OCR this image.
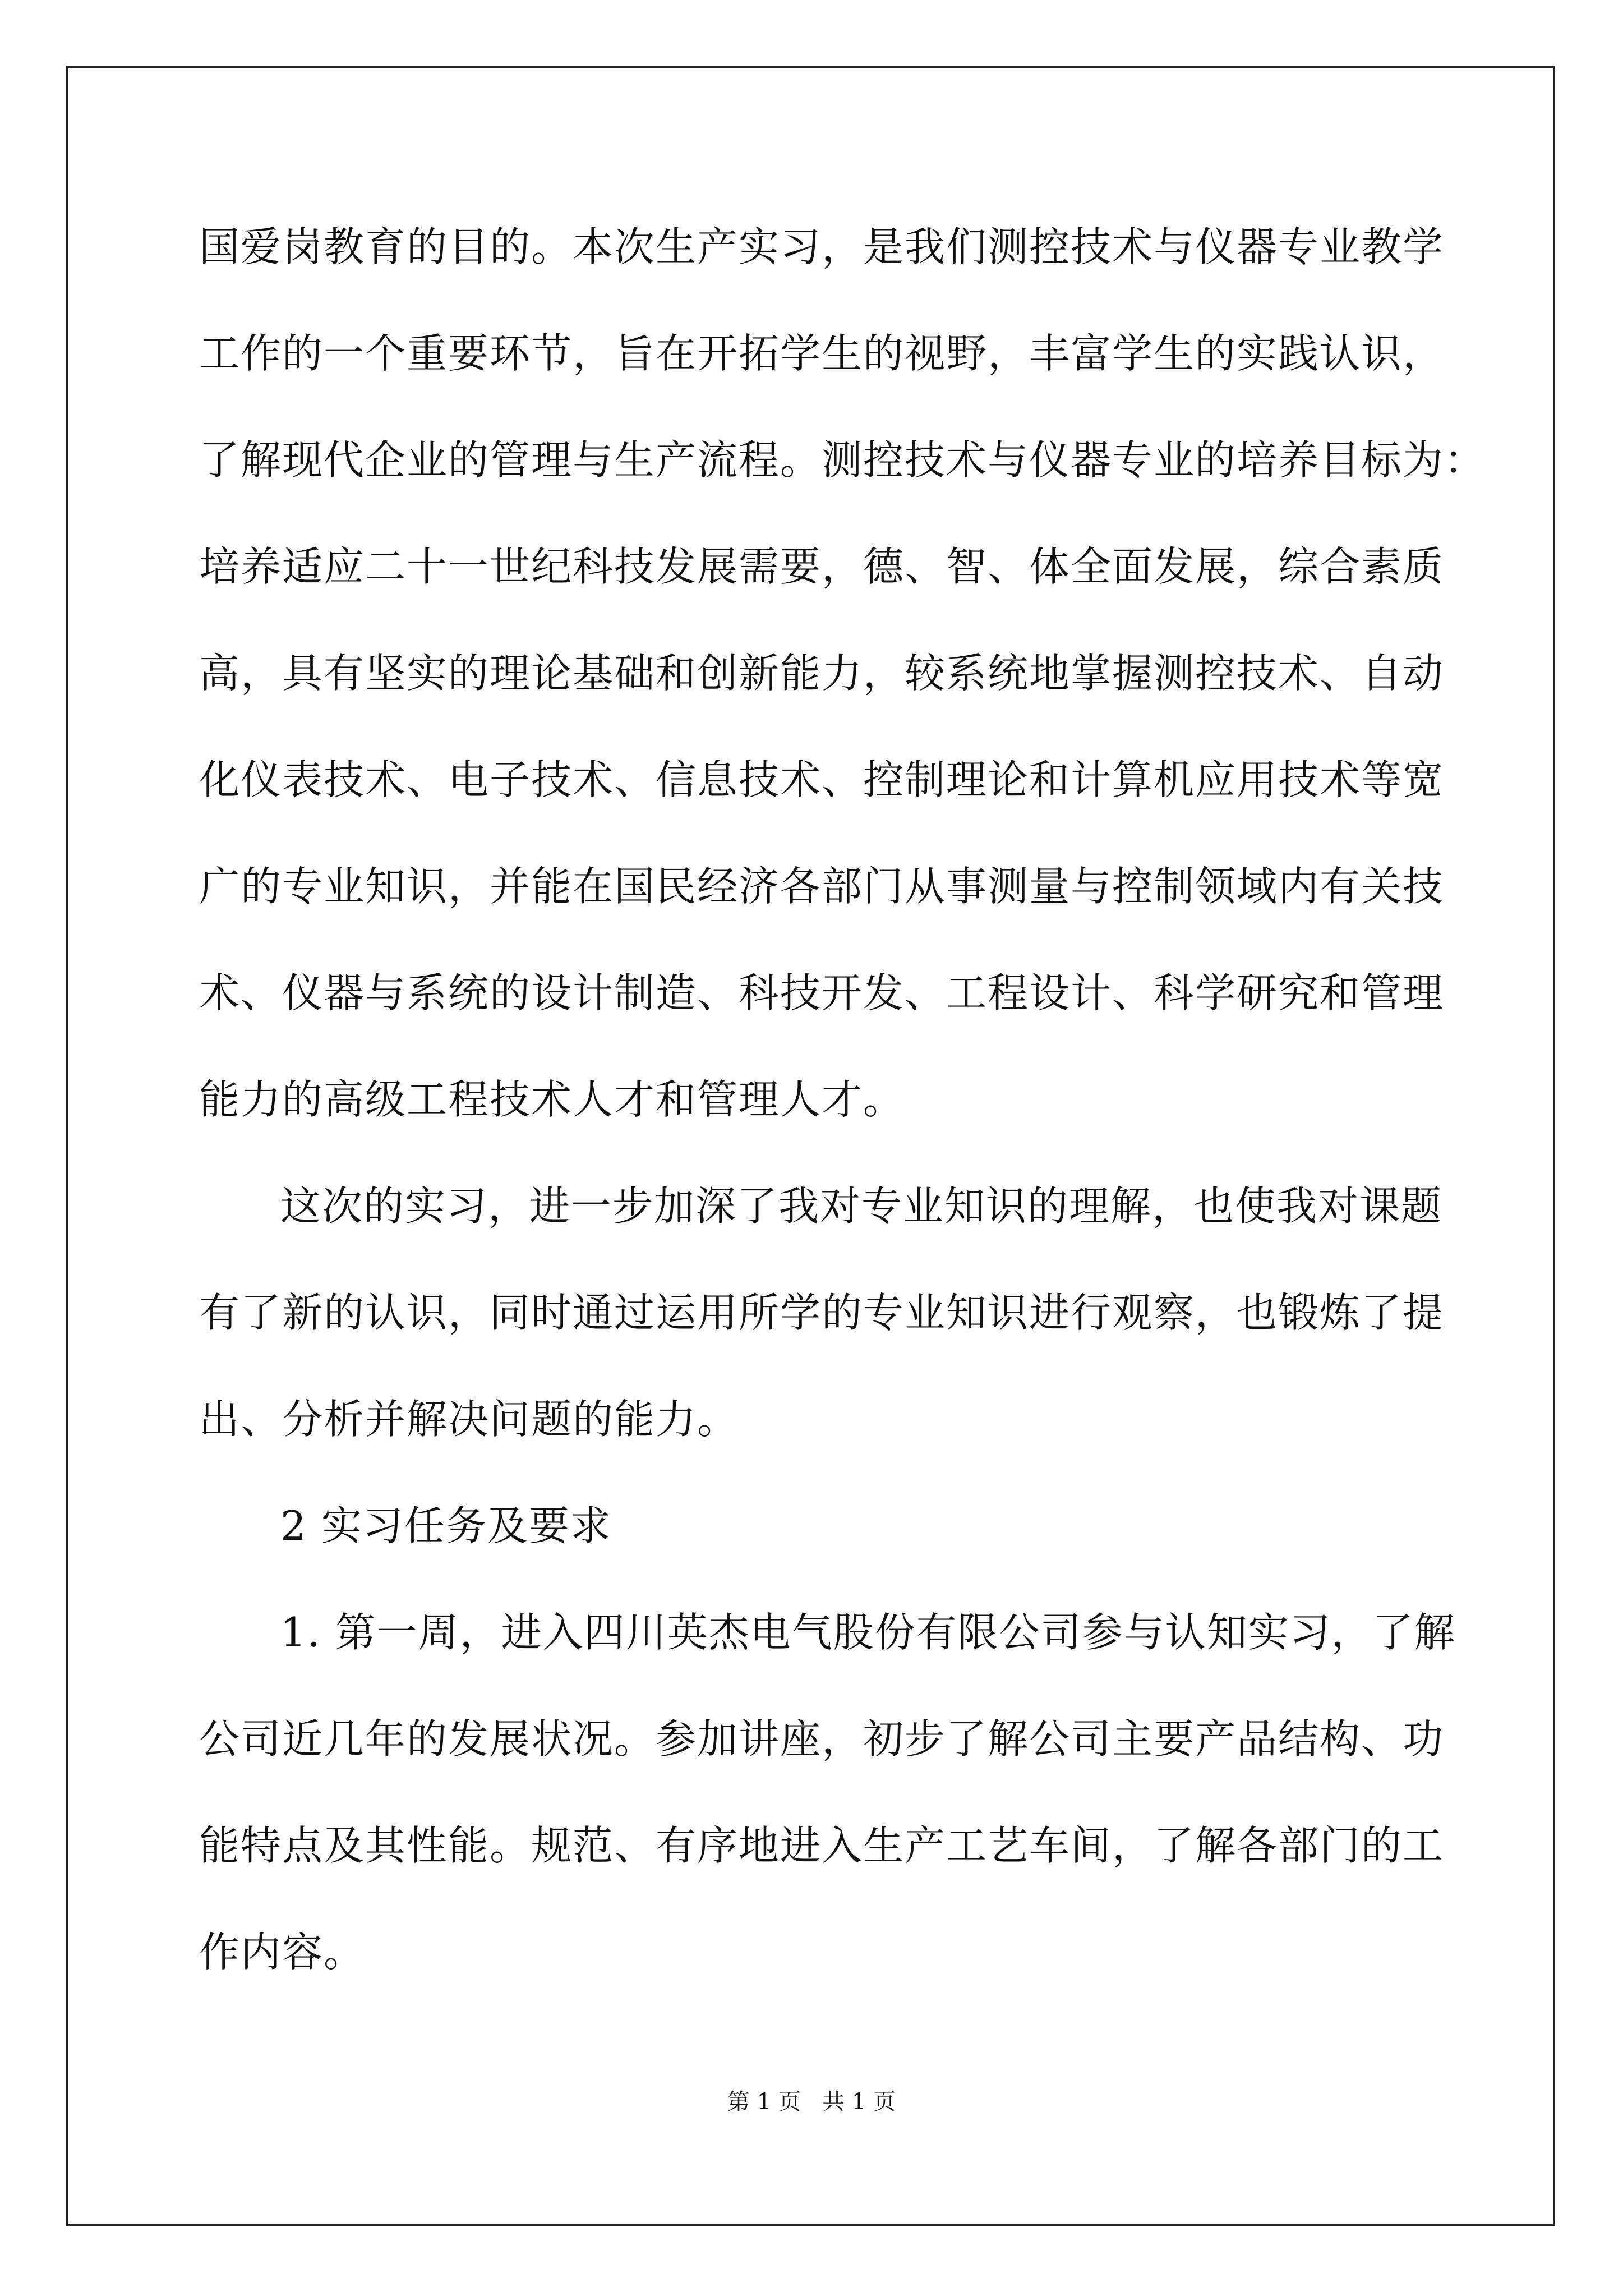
国爱岗教育的目的。本次生产实习，是我们测控技术与仪器专业教学
工作的一个重要环节，旨在开拓学生的视野，丰富学生的实践认识，
了解现代企业的管理与生产流程。测控技术与仪器专业的培养目标为：
培养适应二十一世纪科技发展需要，德、智、体全面发展，综合素质
高，具有坚实的理论基础和创新能力，较系统地掌握测控技术、自动
化仪表技术、电子技术、信息技术、控制理论和计算机应用技术等宽
广的专业知识，并能在国民经济各部门从事测量与控制领域内有关技
术、仪器与系统的设计制造、科技开发、工程设计、科学研究和管理
能力的高级工程技术人才和管理人才。
这次的实习，进一步加深了我对专业知识的理解，也使我对课题
有了新的认识，同时通过运用所学的专业知识进行观察，也锻炼了提
出、分析并解决问题的能力。
2 实习任务及要求
1. 第一周，进入四川英杰电气股份有限公司参与认知实习，了解
公司近几年的发展状况。参加讲座，初步了解公司主要产品结构、功
能特点及其性能。规范、有序地进入生产工艺车间，了解各部门的工
作内容。
第 1 页   共 1 页
